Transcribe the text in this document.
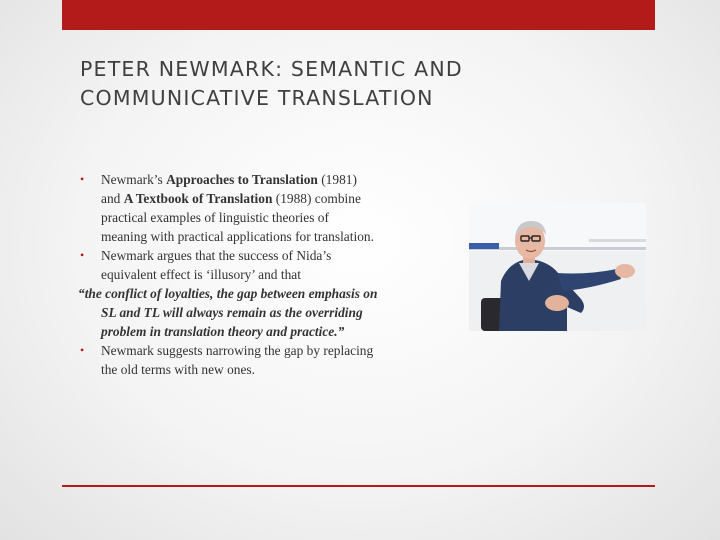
PETER NEWMARK: SEMANTIC AND
COMMUNICATIVE TRANSLATION

• Newmark’s Approaches to Translation (1981) and A Textbook of Translation (1988) combine practical examples of linguistic theories of meaning with practical applications for translation.

• Newmark argues that the success of Nida’s equivalent effect is ‘illusory’ and that

“the conflict of loyalties, the gap between emphasis on SL and TL will always remain as the overriding problem in translation theory and practice.”

• Newmark suggests narrowing the gap by replacing the old terms with new ones.
